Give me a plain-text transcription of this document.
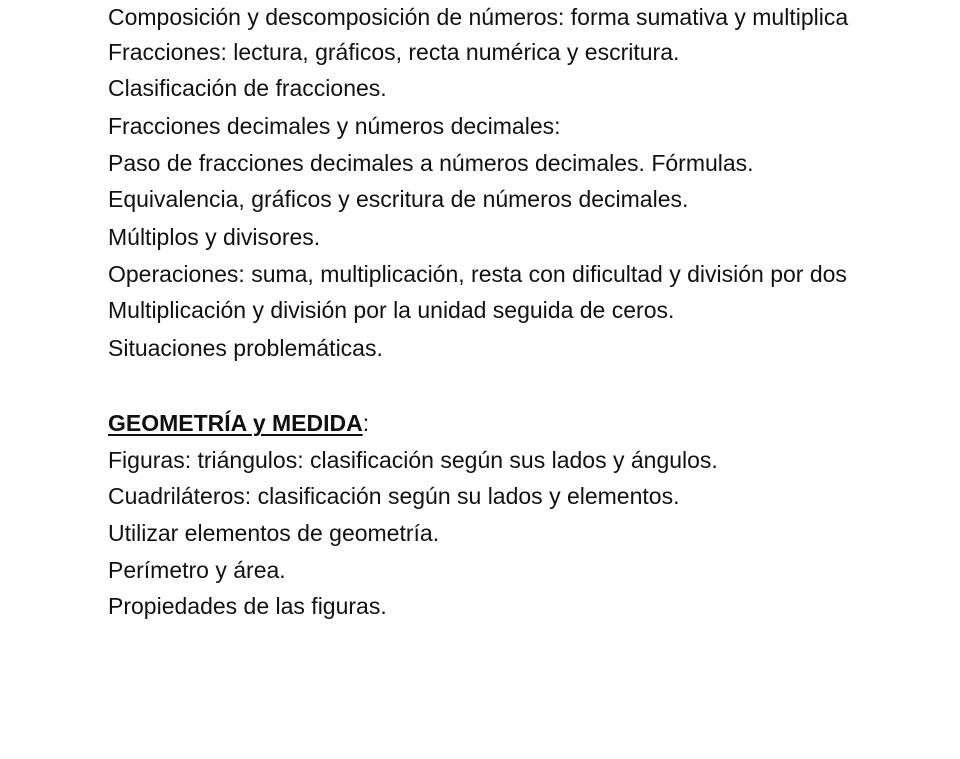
Composición y descomposición de números: forma sumativa y multiplica
Fracciones: lectura, gráficos, recta numérica y escritura.
Clasificación de fracciones.
Fracciones decimales y números decimales:
Paso de fracciones decimales a números decimales. Fórmulas.
Equivalencia, gráficos y escritura de números decimales.
Múltiplos y divisores.
Operaciones: suma, multiplicación, resta con dificultad y división por dos
Multiplicación y división por la unidad seguida de ceros.
Situaciones problemáticas.
GEOMETRÍA y MEDIDA:
Figuras: triángulos: clasificación según sus lados y ángulos.
Cuadriláteros: clasificación según su lados y elementos.
Utilizar elementos de geometría.
Perímetro y área.
Propiedades de las figuras.
